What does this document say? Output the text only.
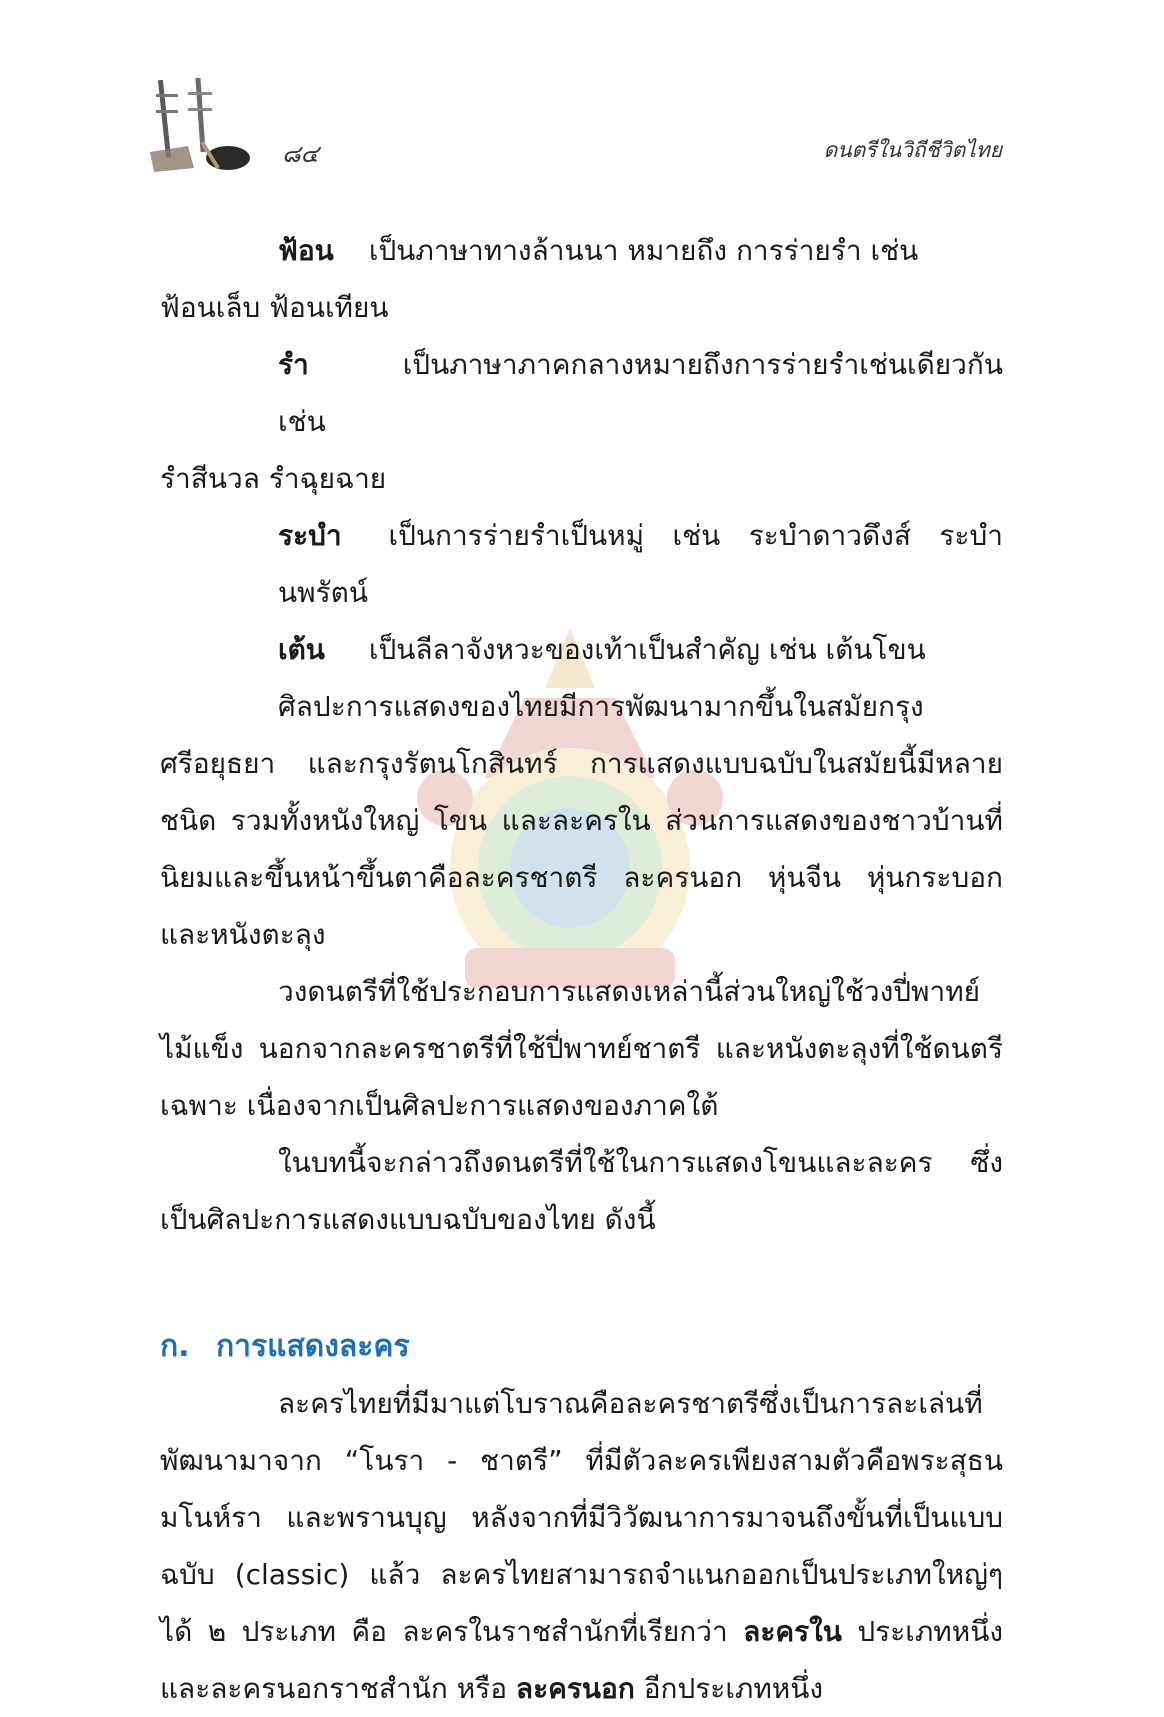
๘๔	ดนตรีในวิถีชีวิตไทย

ฟ้อน เป็นภาษาทางล้านนา หมายถึง การร่ายรำ เช่น

ฟ้อนเล็บ ฟ้อนเทียน

รำ	เป็นภาษาภาคกลางหมายถึงการร่ายรำเช่นเดียวกัน เช่น

รำสีนวล รำฉุยฉาย

ระบำ เป็นการร่ายรำเป็นหมู่ เช่น ระบำดาวดึงส์ ระบำนพรัตน์

เต้น เป็นลีลาจังหวะของเท้าเป็นสำคัญ เช่น เต้นโขน

ศิลปะการแสดงของไทยมีการพัฒนามากขึ้นในสมัยกรุงศรีอยุธยา และกรุงรัตนโกสินทร์ การแสดงแบบฉบับในสมัยนี้มีหลายชนิด รวมทั้งหนังใหญ่ โขน และละครใน ส่วนการแสดงของชาวบ้านที่นิยมและขึ้นหน้าขึ้นตาคือละครชาตรี ละครนอก หุ่นจีน หุ่นกระบอก และหนังตะลุง

วงดนตรีที่ใช้ประกอบการแสดงเหล่านี้ส่วนใหญ่ใช้วงปี่พาทย์ไม้แข็ง นอกจากละครชาตรีที่ใช้ปี่พาทย์ชาตรี และหนังตะลุงที่ใช้ดนตรีเฉพาะ เนื่องจากเป็นศิลปะการแสดงของภาคใต้

ในบทนี้จะกล่าวถึงดนตรีที่ใช้ในการแสดงโขนและละคร ซึ่งเป็นศิลปะการแสดงแบบฉบับของไทย ดังนี้

ก. การแสดงละคร

ละครไทยที่มีมาแต่โบราณคือละครชาตรีซึ่งเป็นการละเล่นที่พัฒนามาจาก “โนรา - ชาตรี” ที่มีตัวละครเพียงสามตัวคือพระสุธน มโนห์รา และพรานบุญ หลังจากที่มีวิวัฒนาการมาจนถึงขั้นที่เป็นแบบฉบับ (classic) แล้ว ละครไทยสามารถจำแนกออกเป็นประเภทใหญ่ๆ ได้ ๒ ประเภท คือ ละครในราชสำนักที่เรียกว่า ละครใน ประเภทหนึ่ง และละครนอกราชสำนัก หรือ ละครนอก อีกประเภทหนึ่ง
